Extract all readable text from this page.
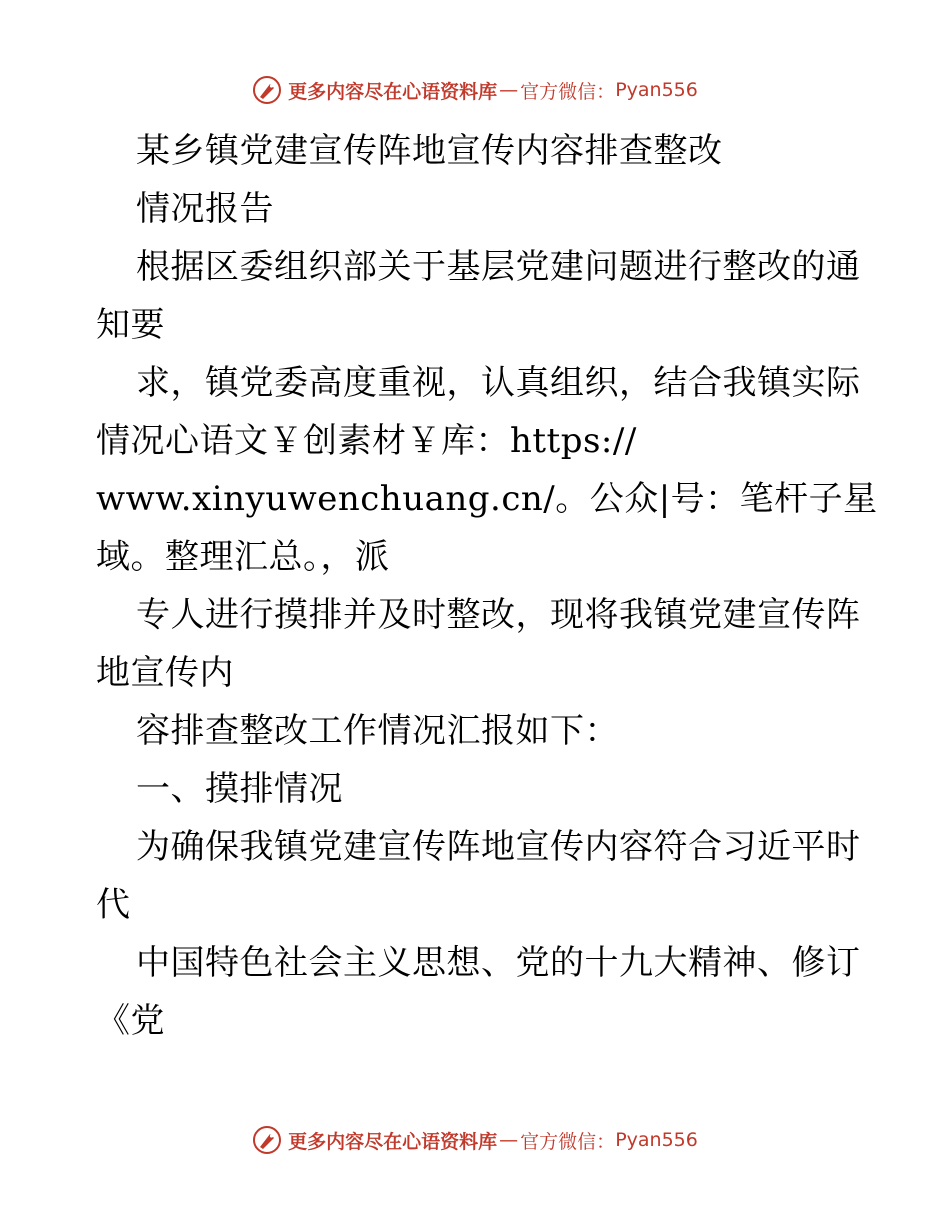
更多内容尽在心语资料库 — 官方微信： Pyan556
某乡镇党建宣传阵地宣传内容排查整改
情况报告
根据区委组织部关于基层党建问题进行整改的通
知要
求，镇党委高度重视，认真组织，结合我镇实际
情况心语文￥创素材￥库：https://
www.xinyuwenchuang.cn/。公众|号：笔杆子星
域。整理汇总。，派
专人进行摸排并及时整改，现将我镇党建宣传阵
地宣传内
容排查整改工作情况汇报如下：
一、摸排情况
为确保我镇党建宣传阵地宣传内容符合习近平时
代
中国特色社会主义思想、党的十九大精神、修订
《党
更多内容尽在心语资料库 — 官方微信： Pyan556
